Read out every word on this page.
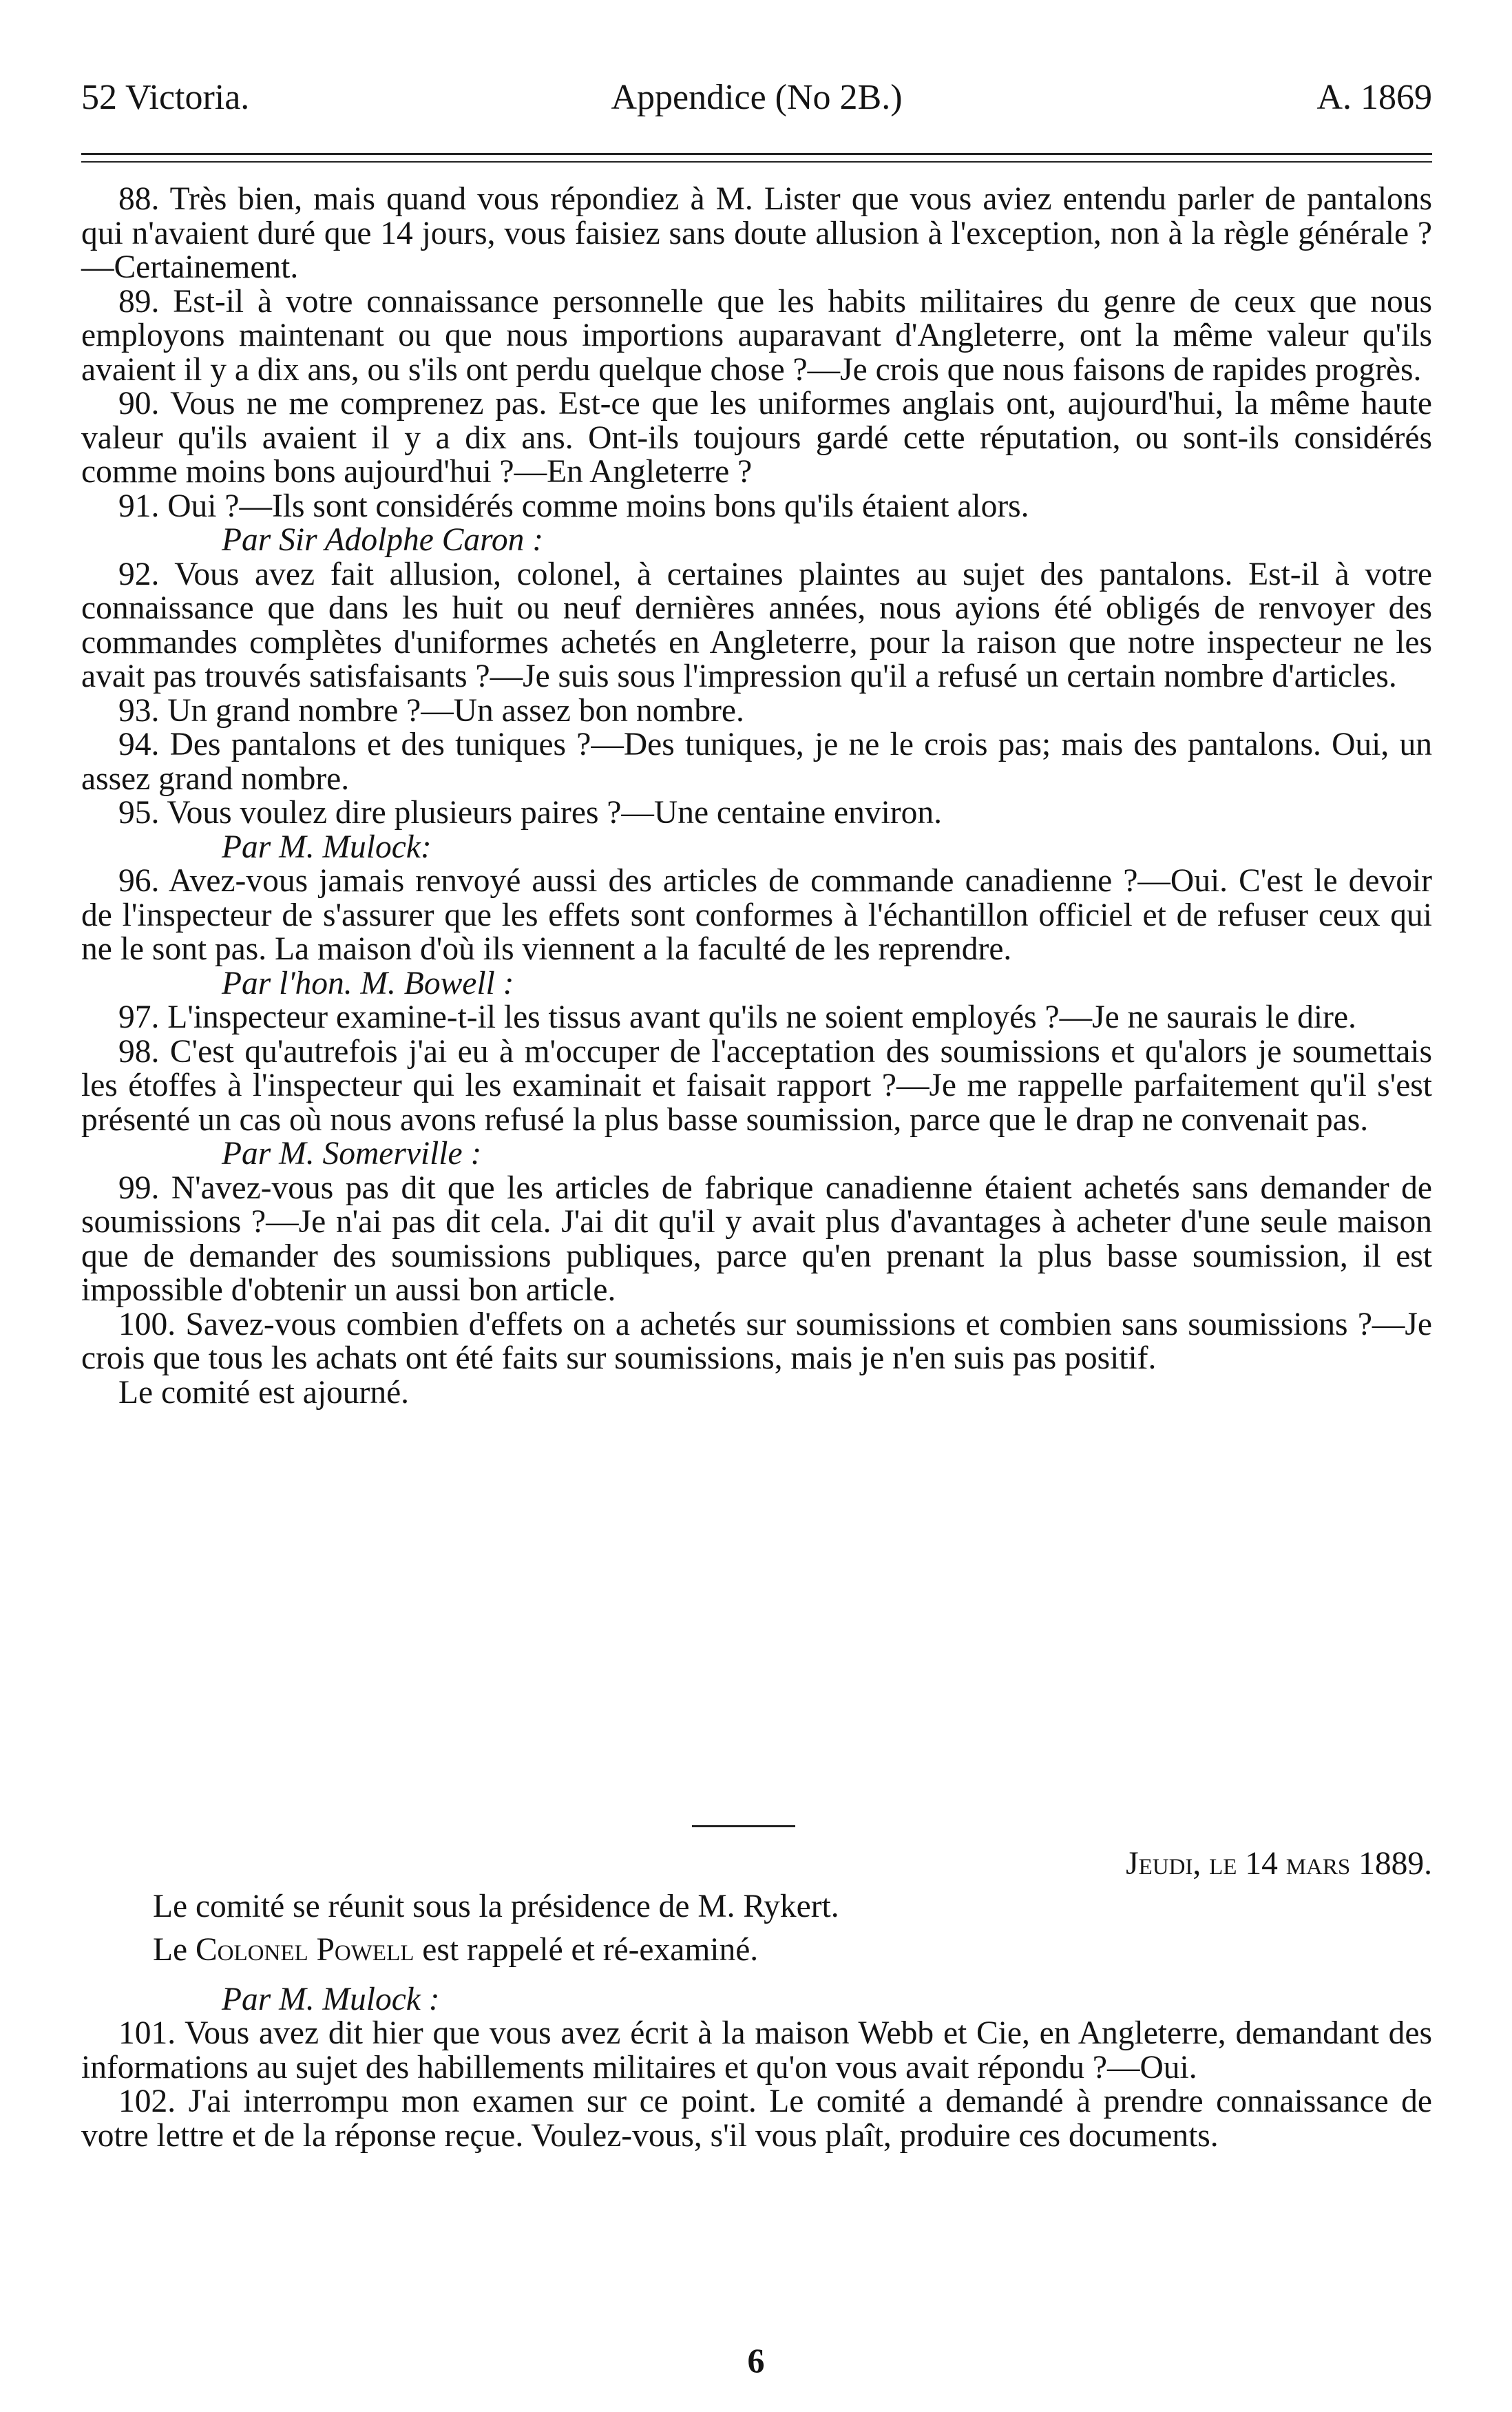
52 Victoria.	Appendice (No 2B.)	A. 1869

88. Très bien, mais quand vous répondiez à M. Lister que vous aviez entendu parler de pantalons qui n'avaient duré que 14 jours, vous faisiez sans doute allusion à l'exception, non à la règle générale ?—Certainement.

89. Est-il à votre connaissance personnelle que les habits militaires du genre de ceux que nous employons maintenant ou que nous importions auparavant d'Angleterre, ont la même valeur qu'ils avaient il y a dix ans, ou s'ils ont perdu quelque chose ?—Je crois que nous faisons de rapides progrès.

90. Vous ne me comprenez pas. Est-ce que les uniformes anglais ont, aujourd'hui, la même haute valeur qu'ils avaient il y a dix ans. Ont-ils toujours gardé cette réputation, ou sont-ils considérés comme moins bons aujourd'hui ?—En Angleterre ?

91. Oui ?—Ils sont considérés comme moins bons qu'ils étaient alors.

Par Sir Adolphe Caron :

92. Vous avez fait allusion, colonel, à certaines plaintes au sujet des pantalons. Est-il à votre connaissance que dans les huit ou neuf dernières années, nous ayions été obligés de renvoyer des commandes complètes d'uniformes achetés en Angleterre, pour la raison que notre inspecteur ne les avait pas trouvés satisfaisants ?—Je suis sous l'impression qu'il a refusé un certain nombre d'articles.

93. Un grand nombre ?—Un assez bon nombre.

94. Des pantalons et des tuniques ?—Des tuniques, je ne le crois pas; mais des pantalons. Oui, un assez grand nombre.

95. Vous voulez dire plusieurs paires ?—Une centaine environ.

Par M. Mulock:

96. Avez-vous jamais renvoyé aussi des articles de commande canadienne ?—Oui. C'est le devoir de l'inspecteur de s'assurer que les effets sont conformes à l'échantillon officiel et de refuser ceux qui ne le sont pas. La maison d'où ils viennent a la faculté de les reprendre.

Par l'hon. M. Bowell :

97. L'inspecteur examine-t-il les tissus avant qu'ils ne soient employés ?—Je ne saurais le dire.

98. C'est qu'autrefois j'ai eu à m'occuper de l'acceptation des soumissions et qu'alors je soumettais les étoffes à l'inspecteur qui les examinait et faisait rapport ?—Je me rappelle parfaitement qu'il s'est présenté un cas où nous avons refusé la plus basse soumission, parce que le drap ne convenait pas.

Par M. Somerville :

99. N'avez-vous pas dit que les articles de fabrique canadienne étaient achetés sans demander de soumissions ?—Je n'ai pas dit cela. J'ai dit qu'il y avait plus d'avantages à acheter d'une seule maison que de demander des soumissions publiques, parce qu'en prenant la plus basse soumission, il est impossible d'obtenir un aussi bon article.

100. Savez-vous combien d'effets on a achetés sur soumissions et combien sans soumissions ?—Je crois que tous les achats ont été faits sur soumissions, mais je n'en suis pas positif.

Le comité est ajourné.

Jeudi, le 14 mars 1889.

Le comité se réunit sous la présidence de M. Rykert.

Le Colonel Powell est rappelé et ré-examiné.

Par M. Mulock :

101. Vous avez dit hier que vous avez écrit à la maison Webb et Cie, en Angleterre, demandant des informations au sujet des habillements militaires et qu'on vous avait répondu ?—Oui.

102. J'ai interrompu mon examen sur ce point. Le comité a demandé à prendre connaissance de votre lettre et de la réponse reçue. Voulez-vous, s'il vous plaît, produire ces documents.

6
